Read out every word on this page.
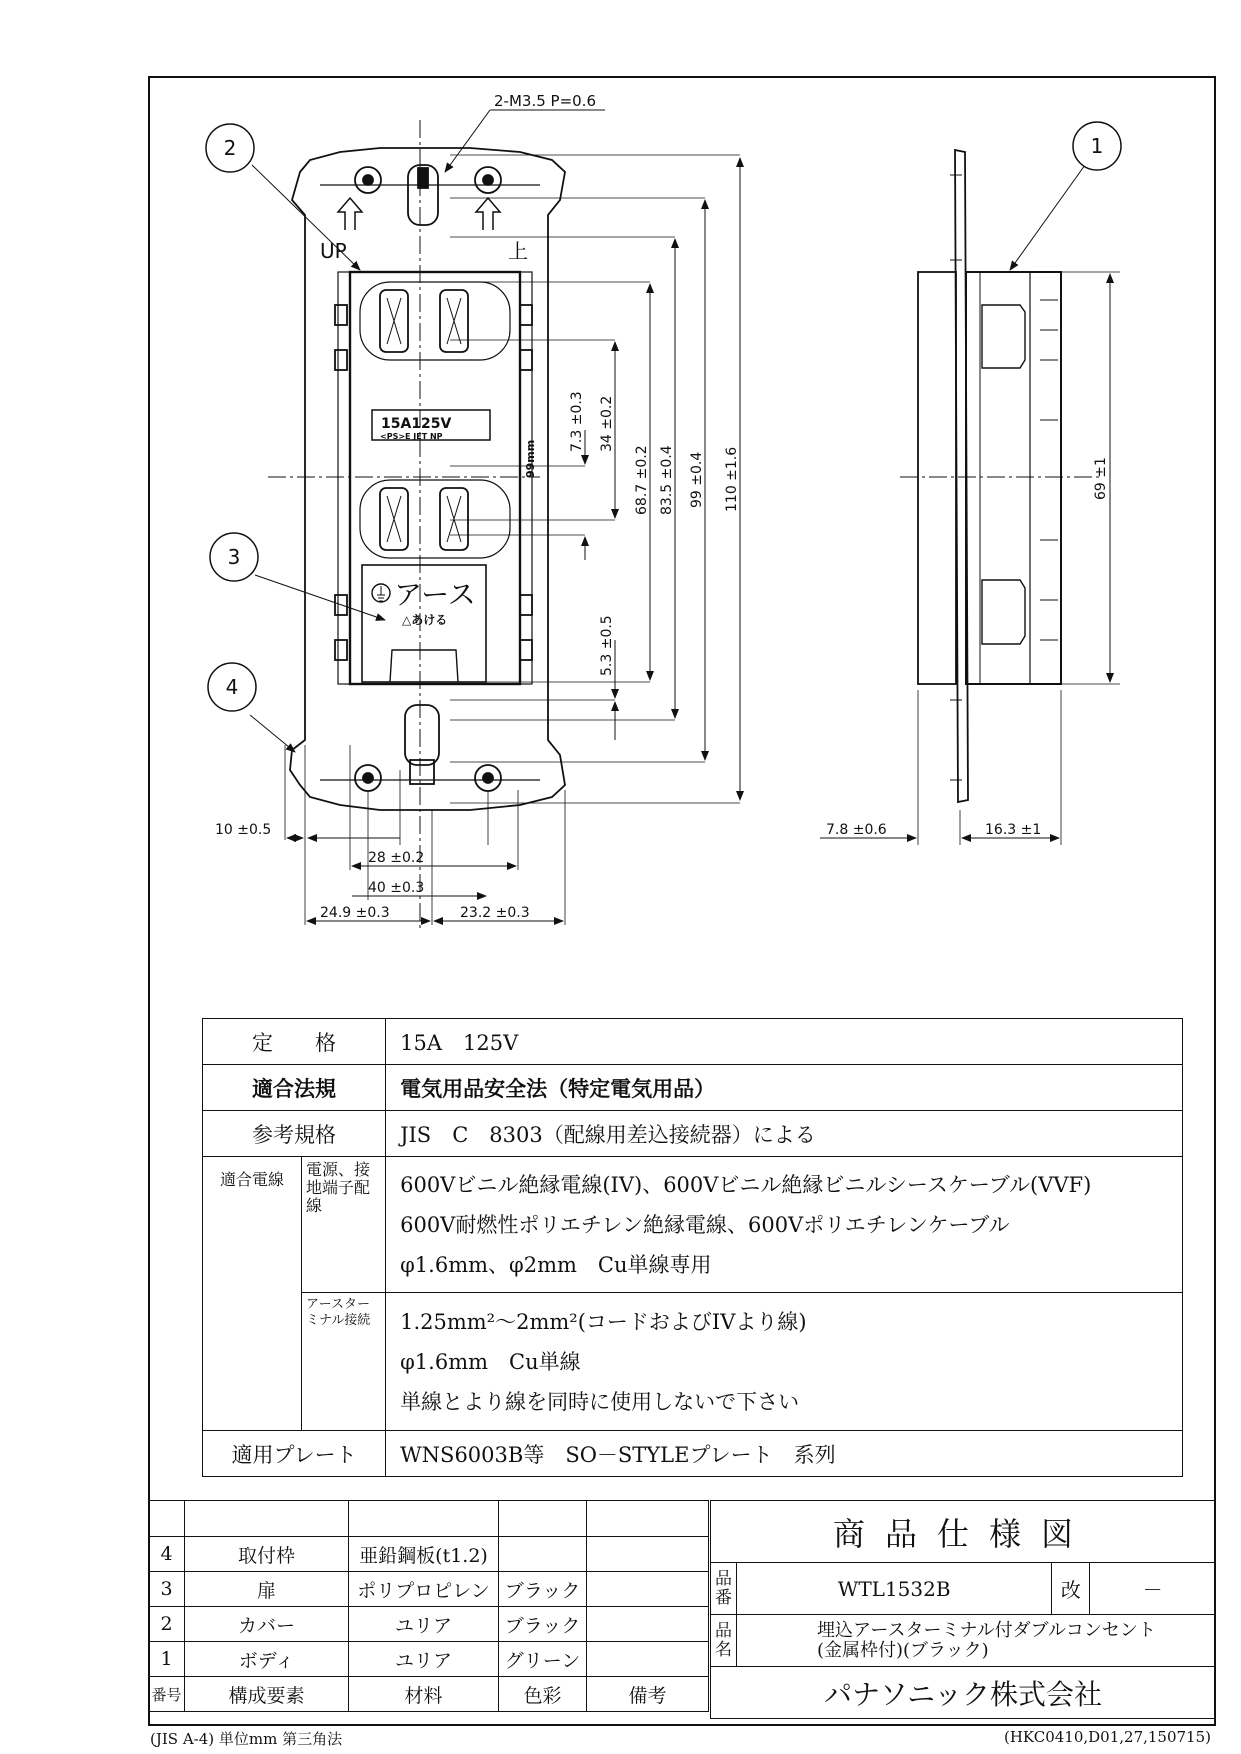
2-M3.5 P=0.6
UP	上
15A125V
<PS>E JET NP
アース
△あける
99mm
7.3 ±0.3 34 ±0.2
68.7 ±0.2 83.5 ±0.4 99 ±0.4 110 ±1.6
5.3 ±0.5
10 ±0.5
28 ±0.2
40 ±0.3
24.9 ±0.3	23.2 ±0.3
69 ±1
7.8 ±0.6	16.3 ±1
1
2
3
4
定　　格		15A　125V
適合法規		電気用品安全法（特定電気用品）
参考規格		JIS　C　8303（配線用差込接続器）による
適合電線	電源、接地端子配線	600Vビニル絶縁電線(IV)、600Vビニル絶縁ビニルシースケーブル(VVF)
600V耐燃性ポリエチレン絶縁電線、600Vポリエチレンケーブル
φ1.6mm、φ2mm　Cu単線専用

	アースターミナル接続	1.25mm²～2mm²(コードおよびIVより線)
φ1.6mm　Cu単線
単線とより線を同時に使用しないで下さい

適用プレート		WNS6003B等　SO－STYLEプレート　系列

4	取付枠	亜鉛鋼板(t1.2)		
3	扉	ポリプロピレン	ブラック	
2	カバー	ユリア	ブラック	
1	ボディ	ユリア	グリーン	
番号	構成要素	材料	色彩	備考
商品仕様図			
品番	WTL1532B	改	－
品名	埋込アースターミナル付ダブルコンセント
(金属枠付)(ブラック)		

パナソニック株式会社			
(JIS A-4) 単位mm 第三角法	(HKC0410,D01,27,150715)
